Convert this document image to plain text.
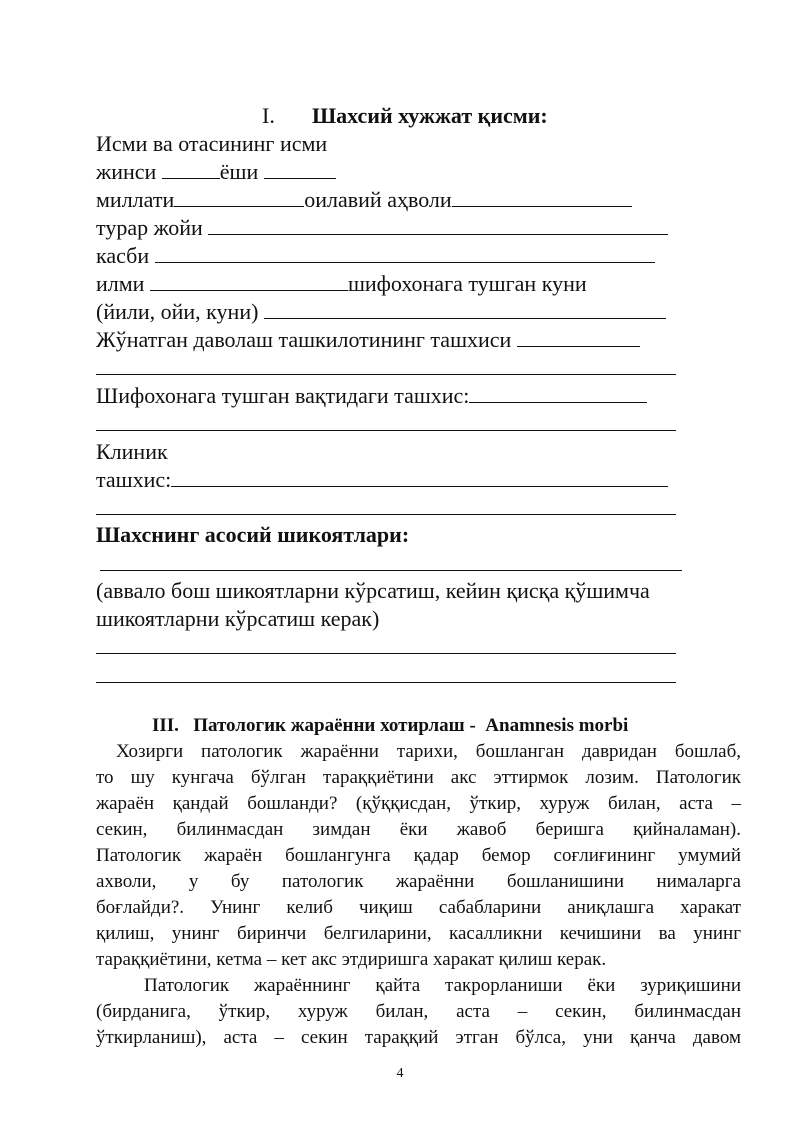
I. Шахсий хужжат қисми:
Исми ва отасининг исми
жинси	ёши
миллати	оилавий аҳволи
турар жойи
касби
илми	шифохонага тушган куни
(йили, ойи, куни)
Жўнатган даволаш ташкилотининг ташхиси
Шифохонага тушган вақтидаги ташхис:
Клиник
ташхис:
Шахснинг асосий шикоятлари:
(аввало бош шикоятларни кўрсатиш, кейин қисқа қўшимча
шикоятларни кўрсатиш керак)
III. Патологик жараённи хотирлаш - Anamnesis morbi
Хозирги патологик жараённи тарихи, бошланган давридан бошлаб,
то шу кунгача бўлган тараққиётини акс эттирмок лозим. Патологик
жараён қандай бошланди? (қўққисдан, ўткир, хуруж билан, аста –
секин, билинмасдан зимдан ёки жавоб беришга қийналаман).
Патологик жараён бошлангунга қадар бемор соғлиғининг умумий
ахволи, у бу патологик жараённи бошланишини нималарга
боғлайди?. Унинг келиб чиқиш сабабларини аниқлашга харакат
қилиш, унинг биринчи белгиларини, касалликни кечишини ва унинг
тараққиётини, кетма – кет акс этдиришга харакат қилиш керак.
Патологик жараённинг қайта такрорланиши ёки зуриқишини
(бирданига, ўткир, хуруж билан, аста – секин, билинмасдан
ўткирланиш), аста – секин тараққий этган бўлса, уни қанча давом
4
